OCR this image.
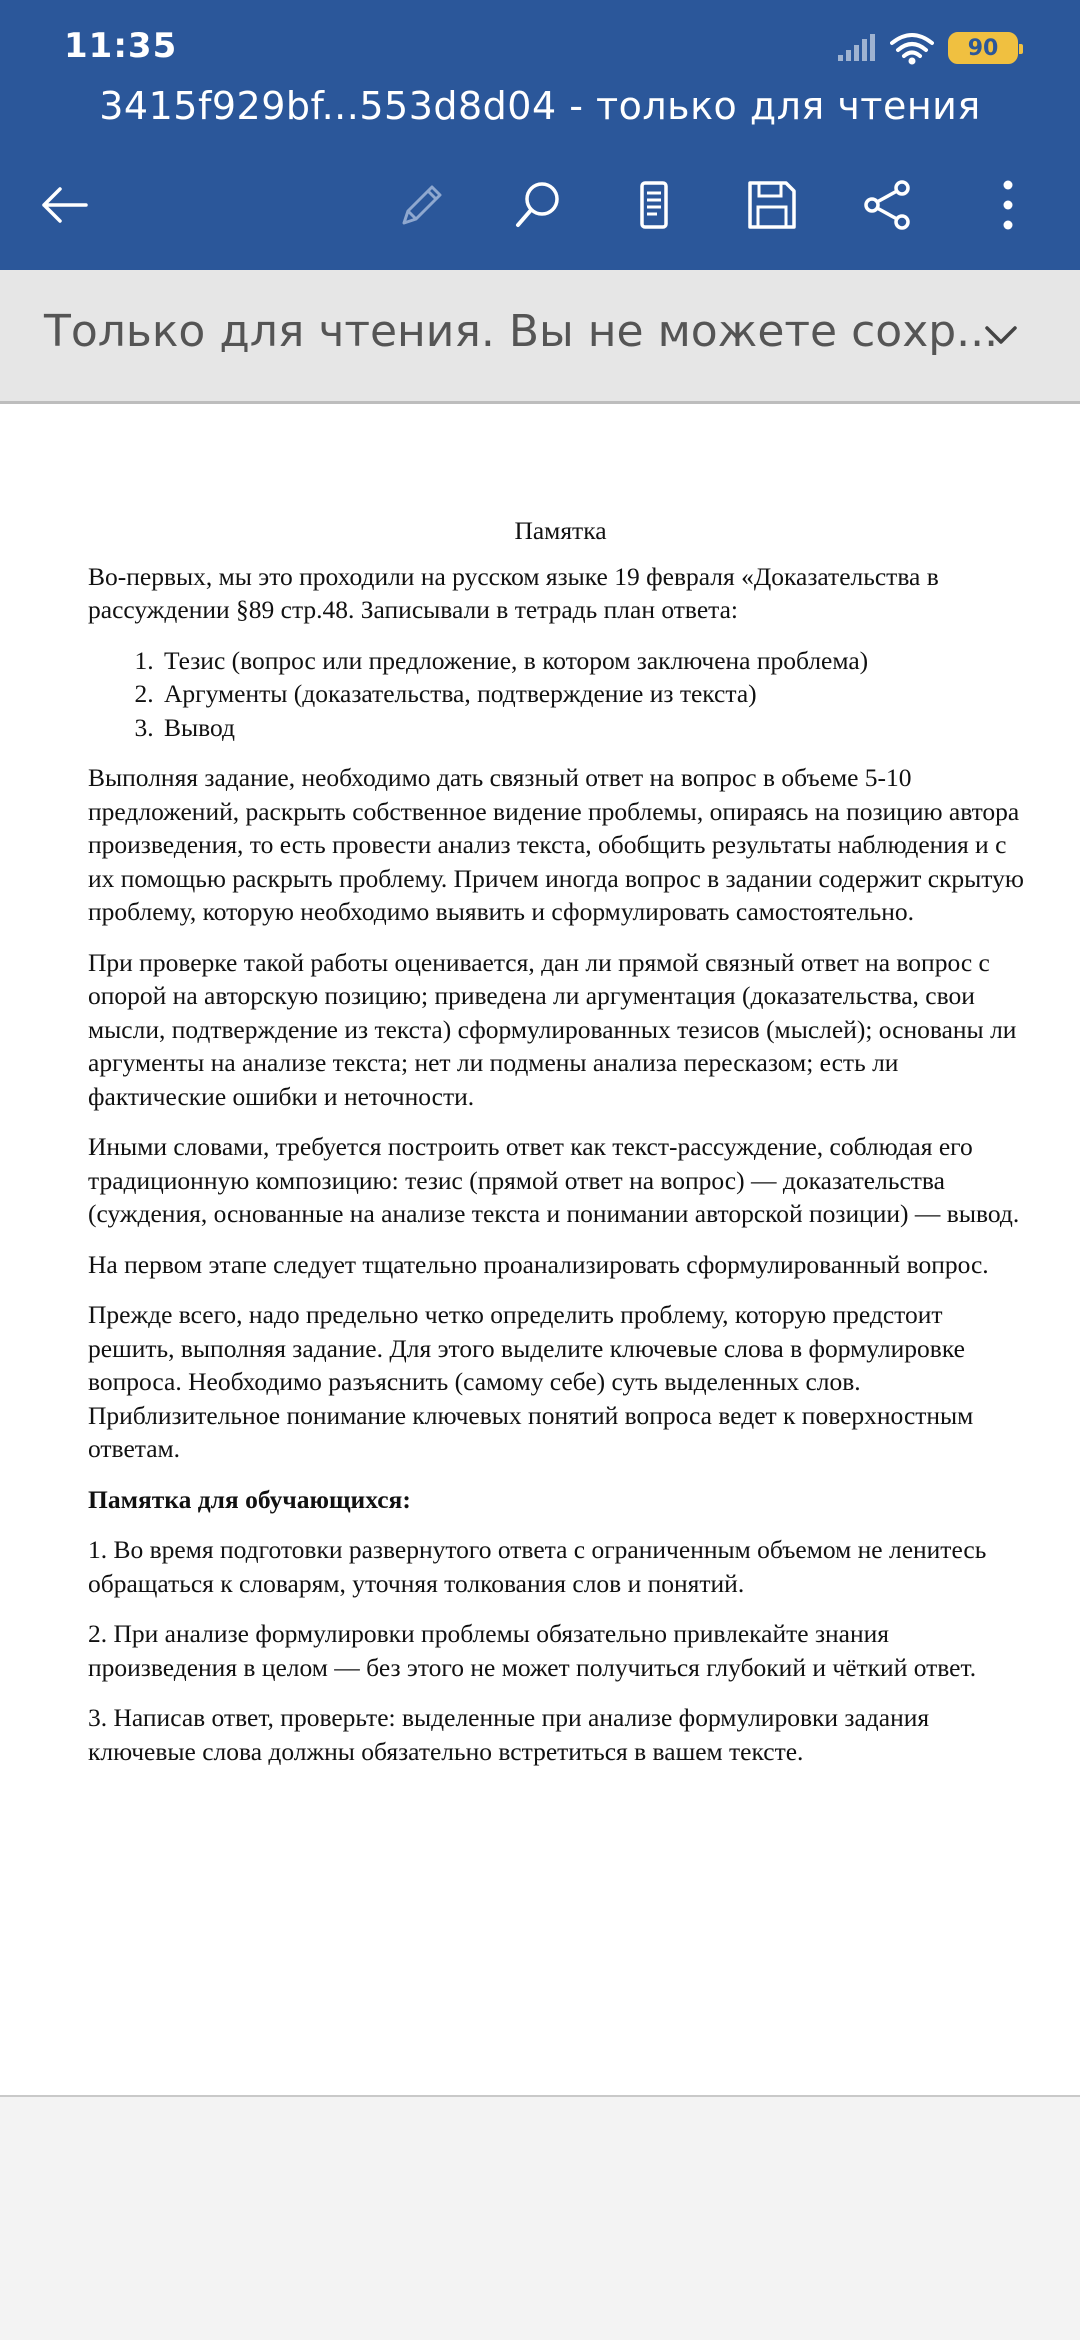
11:35	90
3415f929bf...553d8d04 - только для чтения
Только для чтения. Вы не можете сохр...

Памятка

Во-первых, мы это проходили на русском языке 19 февраля «Доказательства в рассуждении §89 стр.48. Записывали в тетрадь план ответа:

1. Тезис (вопрос или предложение, в котором заключена проблема)
2. Аргументы (доказательства, подтверждение из текста)
3. Вывод

Выполняя задание, необходимо дать связный ответ на вопрос в объеме 5-10 предложений, раскрыть собственное видение проблемы, опираясь на позицию автора произведения, то есть провести анализ текста, обобщить результаты наблюдения и с их помощью раскрыть проблему. Причем иногда вопрос в задании содержит скрытую проблему, которую необходимо выявить и сформулировать самостоятельно.

При проверке такой работы оценивается, дан ли прямой связный ответ на вопрос с опорой на авторскую позицию; приведена ли аргументация (доказательства, свои мысли, подтверждение из текста) сформулированных тезисов (мыслей); основаны ли аргументы на анализе текста; нет ли подмены анализа пересказом; есть ли фактические ошибки и неточности.

Иными словами, требуется построить ответ как текст-рассуждение, соблюдая его традиционную композицию: тезис (прямой ответ на вопрос) — доказательства (суждения, основанные на анализе текста и понимании авторской позиции) — вывод.

На первом этапе следует тщательно проанализировать сформулированный вопрос.

Прежде всего, надо предельно четко определить проблему, которую предстоит решить, выполняя задание. Для этого выделите ключевые слова в формулировке вопроса. Необходимо разъяснить (самому себе) суть выделенных слов. Приблизительное понимание ключевых понятий вопроса ведет к поверхностным ответам.

Памятка для обучающихся:

1. Во время подготовки развернутого ответа с ограниченным объемом не ленитесь обращаться к словарям, уточняя толкования слов и понятий.

2. При анализе формулировки проблемы обязательно привлекайте знания произведения в целом — без этого не может получиться глубокий и чёткий ответ.

3. Написав ответ, проверьте: выделенные при анализе формулировки задания ключевые слова должны обязательно встретиться в вашем тексте.
